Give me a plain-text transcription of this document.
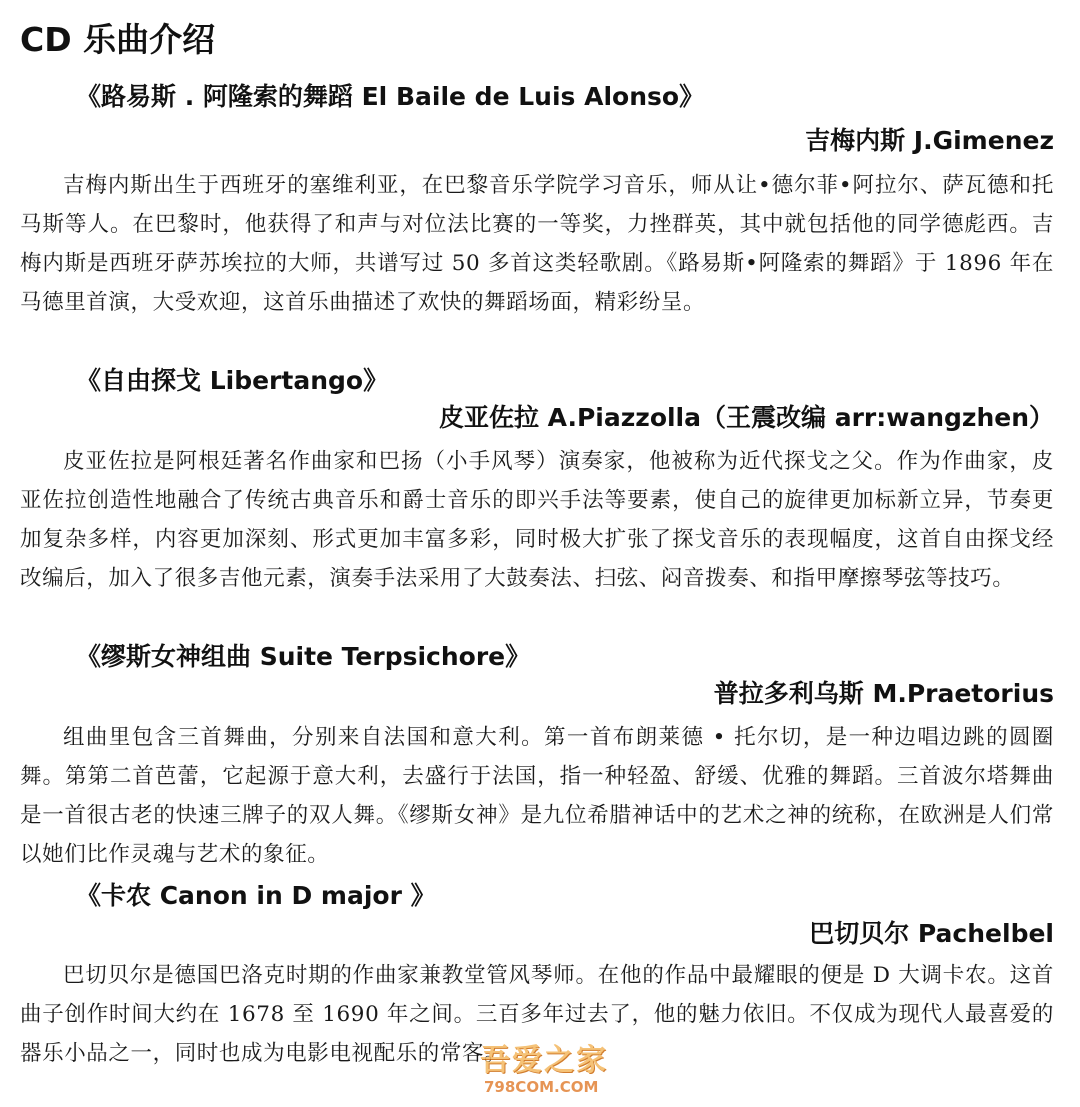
CD 乐曲介绍
《路易斯 . 阿隆索的舞蹈 El Baile de Luis Alonso》
吉梅内斯 J.Gimenez

吉梅内斯出生于西班牙的塞维利亚，在巴黎音乐学院学习音乐，师从让•德尔菲•阿拉尔、萨瓦德和托马斯等人。在巴黎时，他获得了和声与对位法比赛的一等奖，力挫群英，其中就包括他的同学德彪西。吉梅内斯是西班牙萨苏埃拉的大师，共谱写过 50 多首这类轻歌剧。《路易斯•阿隆索的舞蹈》于 1896 年在马德里首演，大受欢迎，这首乐曲描述了欢快的舞蹈场面，精彩纷呈。

《自由探戈 Libertango》
皮亚佐拉 A.Piazzolla（王震改编 arr:wangzhen）

皮亚佐拉是阿根廷著名作曲家和巴扬（小手风琴）演奏家，他被称为近代探戈之父。作为作曲家，皮亚佐拉创造性地融合了传统古典音乐和爵士音乐的即兴手法等要素，使自己的旋律更加标新立异，节奏更加复杂多样，内容更加深刻、形式更加丰富多彩，同时极大扩张了探戈音乐的表现幅度，这首自由探戈经改编后，加入了很多吉他元素，演奏手法采用了大鼓奏法、扫弦、闷音拨奏、和指甲摩擦琴弦等技巧。

《缪斯女神组曲 Suite Terpsichore》
普拉多利乌斯 M.Praetorius

组曲里包含三首舞曲，分别来自法国和意大利。第一首布朗莱德 • 托尔切，是一种边唱边跳的圆圈舞。第第二首芭蕾，它起源于意大利，去盛行于法国，指一种轻盈、舒缓、优雅的舞蹈。三首波尔塔舞曲是一首很古老的快速三牌子的双人舞。《缪斯女神》是九位希腊神话中的艺术之神的统称，在欧洲是人们常以她们比作灵魂与艺术的象征。

《卡农 Canon in D major 》
巴切贝尔 Pachelbel

巴切贝尔是德国巴洛克时期的作曲家兼教堂管风琴师。在他的作品中最耀眼的便是 D 大调卡农。这首曲子创作时间大约在 1678 至 1690 年之间。三百多年过去了，他的魅力依旧。不仅成为现代人最喜爱的器乐小品之一，同时也成为电影电视配乐的常客。

吾爱之家
798COM.COM
